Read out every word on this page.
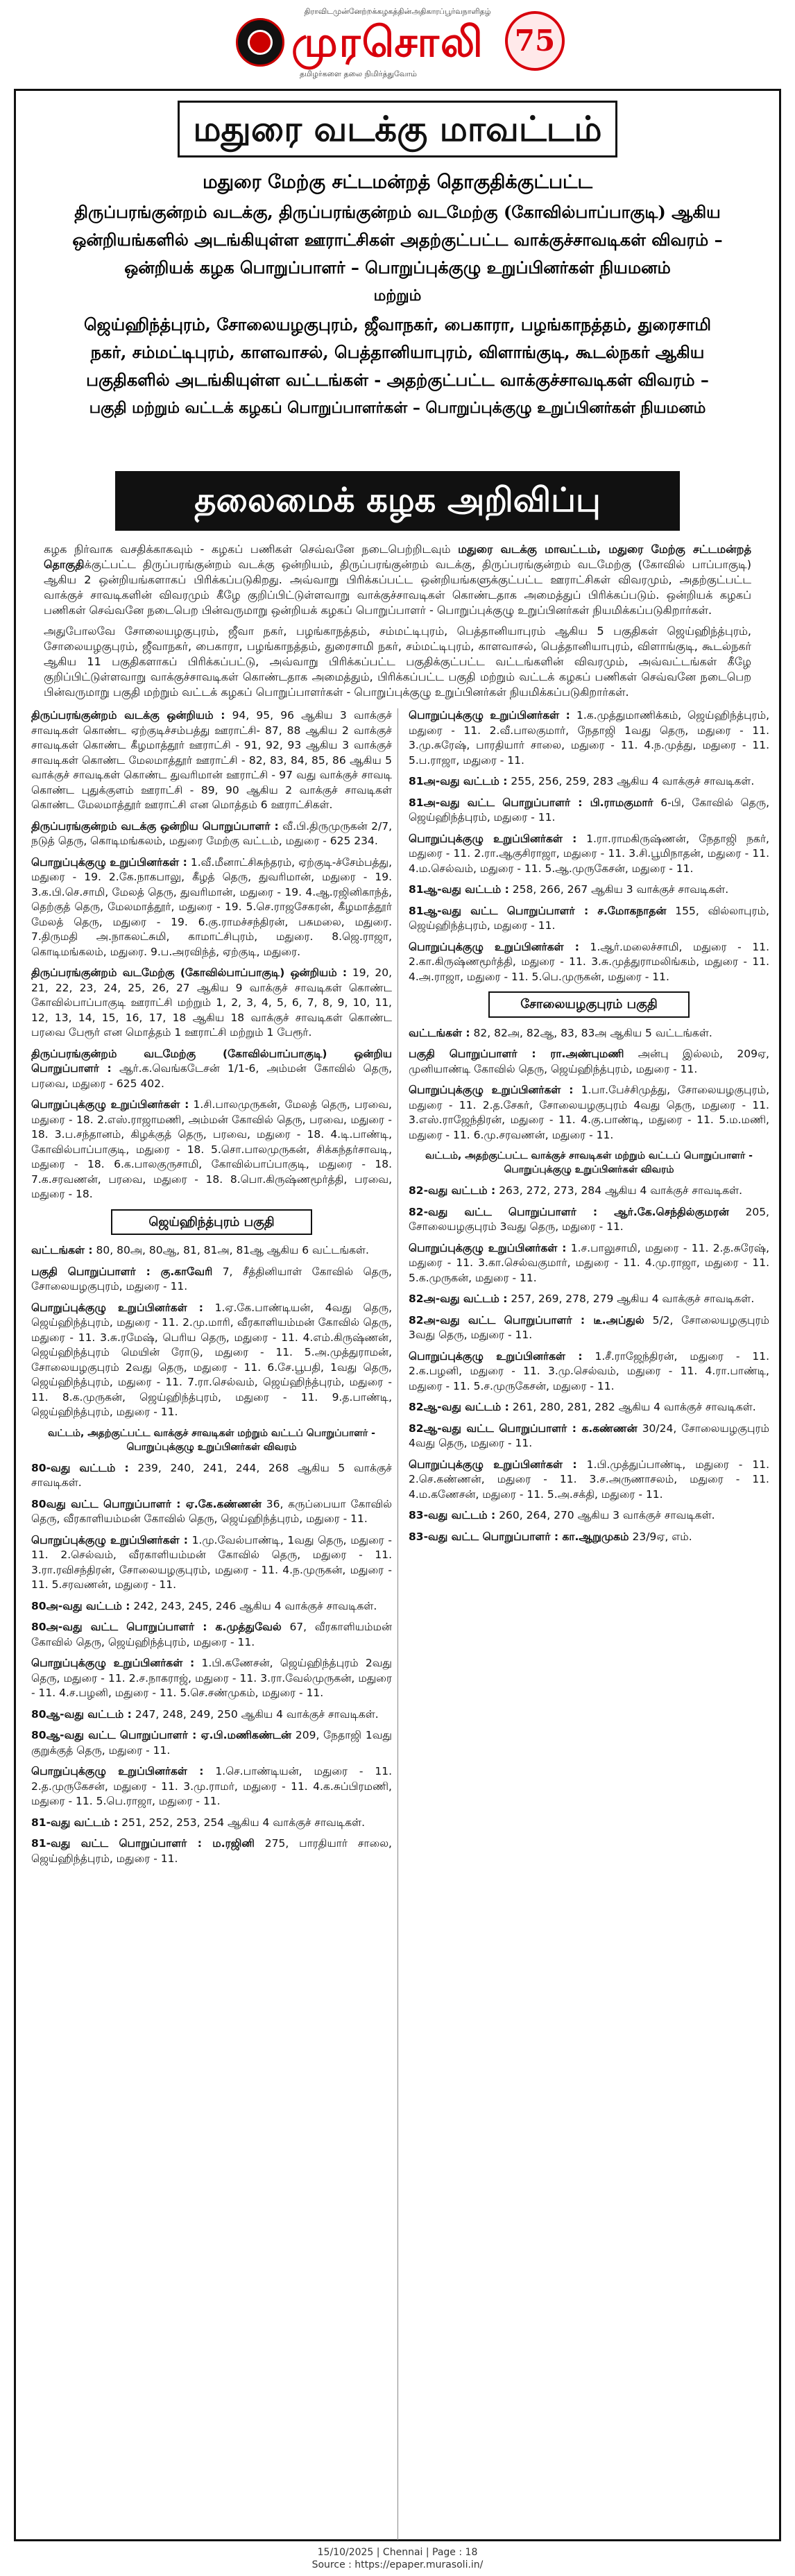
திராவிடமுன்னேற்றக்கழகத்தின்அதிகாரப்பூர்வநாளிதழ்
முரசொலி
தமிழர்களை தலை நிமிர்த்துவோம்
75
மதுரை வடக்கு மாவட்டம்
மதுரை மேற்கு சட்டமன்றத் தொகுதிக்குட்பட்ட
திருப்பரங்குன்றம் வடக்கு, திருப்பரங்குன்றம் வடமேற்கு (கோவில்பாப்பாகுடி) ஆகிய
ஒன்றியங்களில் அடங்கியுள்ள ஊராட்சிகள் அதற்குட்பட்ட வாக்குச்சாவடிகள் விவரம் –
ஒன்றியக் கழக பொறுப்பாளர் – பொறுப்புக்குழு உறுப்பினர்கள் நியமனம்
மற்றும்
ஜெய்ஹிந்த்புரம், சோலையழகுபுரம், ஜீவாநகர், பைகாரா, பழங்காநத்தம், துரைசாமி
நகர், சம்மட்டிபுரம், காளவாசல், பெத்தானியாபுரம், விளாங்குடி, கூடல்நகர் ஆகிய
பகுதிகளில் அடங்கியுள்ள வட்டங்கள் - அதற்குட்பட்ட வாக்குச்சாவடிகள் விவரம் –
பகுதி மற்றும் வட்டக் கழகப் பொறுப்பாளர்கள் – பொறுப்புக்குழு உறுப்பினர்கள் நியமனம்
தலைமைக் கழக அறிவிப்பு
கழக நிர்வாக வசதிக்காகவும் - கழகப் பணிகள் செவ்வனே நடைபெற்றிடவும் மதுரை வடக்கு மாவட்டம், மதுரை மேற்கு சட்டமன்றத் தொகுதிக்குட்பட்ட திருப்பரங்குன்றம் வடக்கு ஒன்றியம், திருப்பரங்குன்றம் வடக்கு, திருப்பரங்குன்றம் வடமேற்கு (கோவில் பாப்பாகுடி) ஆகிய 2 ஒன்றியங்களாகப் பிரிக்கப்படுகிறது. அவ்வாறு பிரிக்கப்பட்ட ஒன்றியங்களுக்குட்பட்ட ஊராட்சிகள் விவரமும், அதற்குட்பட்ட வாக்குச் சாவடிகளின் விவரமும் கீழே குறிப்பிட்டுள்ளவாறு வாக்குச்சாவடிகள் கொண்டதாக அமைத்துப் பிரிக்கப்படும். ஒன்றியக் கழகப் பணிகள் செவ்வனே நடைபெற பின்வருமாறு ஒன்றியக் கழகப் பொறுப்பாளர் - பொறுப்புக்குழு உறுப்பினர்கள் நியமிக்கப்படுகிறார்கள்.

திருப்பரங்குன்றம் வடக்கு ஒன்றியம் : 94, 95, 96 ஆகிய 3 வாக்குச் சாவடிகள் கொண்ட ஏற்குடிச்சம்பத்து ஊராட்சி- 87, 88 ஆகிய 2 வாக்குச் சாவடிகள் கொண்ட கீழமாத்தூர் ஊராட்சி - 91, 92, 93 ஆகிய 3 வாக்குச் சாவடிகள் கொண்ட மேலமாத்தூர் ஊராட்சி - 82, 83, 84, 85, 86 ஆகிய 5 வாக்குச் சாவடிகள் கொண்ட துவரிமான் ஊராட்சி - 97 வது வாக்குச் சாவடி கொண்ட புதுக்குளம் ஊராட்சி - 89, 90 ஆகிய 2 வாக்குச் சாவடிகள் கொண்ட மேலமாத்தூர் ஊராட்சி என மொத்தம் 6 ஊராட்சிகள்.

திருப்பரங்குன்றம் வடக்கு ஒன்றிய பொறுப்பாளர் : வீ.பி.திருமுருகன் 2/7, நடுத் தெரு, கொடிமங்கலம், மதுரை மேற்கு வட்டம், மதுரை - 625 234.

பொறுப்புக்குழு உறுப்பினர்கள் : 1.வீ.மீனாட்சிசுந்தரம், ஏற்குடி-ச்சேம்பத்து, மதுரை - 19. 2.கே.நாகபாலு, கீழத் தெரு, துவரிமான், மதுரை - 19. 3.க.பி.செ.சாமி, மேலத் தெரு, துவரிமான், மதுரை - 19. 4.ஆ.ரஜினிகாந்த், தெற்குத் தெரு, மேலமாத்தூர், மதுரை - 19. 5.செ.ராஜசேகரன், கீழமாத்தூர் மேலத் தெரு, மதுரை - 19. 6.கு.ராமச்சந்திரன், பசுமலை, மதுரை. 7.திருமதி அ.நாகலட்சுமி, காமாட்சிபுரம், மதுரை. 8.ஜெ.ராஜா, கொடிமங்கலம், மதுரை. 9.ப.அரவிந்த், ஏற்குடி, மதுரை.

திருப்பரங்குன்றம் வடமேற்கு (கோவில்பாப்பாகுடி) ஒன்றியம் : 19, 20, 21, 22, 23, 24, 25, 26, 27 ஆகிய 9 வாக்குச் சாவடிகள் கொண்ட கோவில்பாப்பாகுடி ஊராட்சி மற்றும் 1, 2, 3, 4, 5, 6, 7, 8, 9, 10, 11, 12, 13, 14, 15, 16, 17, 18 ஆகிய 18 வாக்குச் சாவடிகள் கொண்ட பரவை பேரூர் என மொத்தம் 1 ஊராட்சி மற்றும் 1 பேரூர்.

திருப்பரங்குன்றம் வடமேற்கு (கோவில்பாப்பாகுடி) ஒன்றிய பொறுப்பாளர் : ஆர்.க.வெங்கடேசன் 1/1-6, அம்மன் கோவில் தெரு, பரவை, மதுரை - 625 402.

பொறுப்புக்குழு உறுப்பினர்கள் : 1.சி.பாலமுருகன், மேலத் தெரு, பரவை, மதுரை - 18. 2.எஸ்.ராஜாமணி, அம்மன் கோவில் தெரு, பரவை, மதுரை - 18. 3.ப.சந்தானம், கிழக்குத் தெரு, பரவை, மதுரை - 18. 4.டி.பாண்டி, கோவில்பாப்பாகுடி, மதுரை - 18. 5.சொ.பாலமுருகன், சிக்கந்தர்சாவடி, மதுரை - 18. 6.க.பாலகுருசாமி, கோவில்பாப்பாகுடி, மதுரை - 18. 7.க.சரவணன், பரவை, மதுரை - 18. 8.பொ.கிருஷ்ணமூர்த்தி, பரவை, மதுரை - 18.

ஜெய்ஹிந்த்புரம் பகுதி

வட்டங்கள் : 80, 80அ, 80ஆ, 81, 81அ, 81ஆ ஆகிய 6 வட்டங்கள்.

பகுதி பொறுப்பாளர் : கு.காவேரி 7, சீத்தினியாள் கோவில் தெரு, சோலையழகுபுரம், மதுரை - 11.

பொறுப்புக்குழு உறுப்பினர்கள் : 1.ஏ.கே.பாண்டியன், 4வது தெரு, ஜெய்ஹிந்த்புரம், மதுரை - 11. 2.மு.மாரி, வீரகாளியம்மன் கோவில் தெரு, மதுரை - 11. 3.சு.ரமேஷ், பெரிய தெரு, மதுரை - 11. 4.எம்.கிருஷ்ணன், ஜெய்ஹிந்த்புரம் மெயின் ரோடு, மதுரை - 11. 5.அ.முத்துராமன், சோலையழகுபுரம் 2வது தெரு, மதுரை - 11. 6.சே.பூபதி, 1வது தெரு, ஜெய்ஹிந்த்புரம், மதுரை - 11. 7.ரா.செல்வம், ஜெய்ஹிந்த்புரம், மதுரை - 11. 8.க.முருகன், ஜெய்ஹிந்த்புரம், மதுரை - 11. 9.த.பாண்டி, ஜெய்ஹிந்த்புரம், மதுரை - 11.

வட்டம், அதற்குட்பட்ட வாக்குச் சாவடிகள் மற்றும் வட்டப் பொறுப்பாளர் - பொறுப்புக்குழு உறுப்பினர்கள் விவரம்

80-வது வட்டம் : 239, 240, 241, 244, 268 ஆகிய 5 வாக்குச் சாவடிகள்.

80வது வட்ட பொறுப்பாளர் : ஏ.கே.கண்ணன் 36, கருப்பையா கோவில் தெரு, வீரகாளியம்மன் கோவில் தெரு, ஜெய்ஹிந்த்புரம், மதுரை - 11.

பொறுப்புக்குழு உறுப்பினர்கள் : 1.மு.வேல்பாண்டி, 1வது தெரு, மதுரை - 11. 2.செல்வம், வீரகாளியம்மன் கோவில் தெரு, மதுரை - 11. 3.ரா.ரவிசந்திரன், சோலையழகுபுரம், மதுரை - 11. 4.ந.முருகன், மதுரை - 11. 5.சரவணன், மதுரை - 11.

80அ-வது வட்டம் : 242, 243, 245, 246 ஆகிய 4 வாக்குச் சாவடிகள்.

80அ-வது வட்ட பொறுப்பாளர் : க.முத்துவேல் 67, வீரகாளியம்மன் கோவில் தெரு, ஜெய்ஹிந்த்புரம், மதுரை - 11.

பொறுப்புக்குழு உறுப்பினர்கள் : 1.பி.கணேசன், ஜெய்ஹிந்த்புரம் 2வது தெரு, மதுரை - 11. 2.ச.நாகராஜ், மதுரை - 11. 3.ரா.வேல்முருகன், மதுரை - 11. 4.ச.பழனி, மதுரை - 11. 5.செ.சண்முகம், மதுரை - 11.

80ஆ-வது வட்டம் : 247, 248, 249, 250 ஆகிய 4 வாக்குச் சாவடிகள்.

80ஆ-வது வட்ட பொறுப்பாளர் : ஏ.பி.மணிகண்டன் 209, நேதாஜி 1வது குறுக்குத் தெரு, மதுரை - 11.

பொறுப்புக்குழு உறுப்பினர்கள் : 1.செ.பாண்டியன், மதுரை - 11. 2.த.முருகேசன், மதுரை - 11. 3.மு.ராமர், மதுரை - 11. 4.க.சுப்பிரமணி, மதுரை - 11. 5.பெ.ராஜா, மதுரை - 11.

81-வது வட்டம் : 251, 252, 253, 254 ஆகிய 4 வாக்குச் சாவடிகள்.

81-வது வட்ட பொறுப்பாளர் : ம.ரஜினி 275, பாரதியார் சாலை, ஜெய்ஹிந்த்புரம், மதுரை - 11.

பொறுப்புக்குழு உறுப்பினர்கள் : 1.க.முத்துமாணிக்கம், ஜெய்ஹிந்த்புரம், மதுரை - 11. 2.வீ.பாலகுமார், நேதாஜி 1வது தெரு, மதுரை - 11. 3.மு.சுரேஷ், பாரதியார் சாலை, மதுரை - 11. 4.ந.முத்து, மதுரை - 11. 5.ப.ராஜா, மதுரை - 11.

81அ-வது வட்டம் : 255, 256, 259, 283 ஆகிய 4 வாக்குச் சாவடிகள்.

81அ-வது வட்ட பொறுப்பாளர் : பி.ராமகுமார் 6-பி, கோவில் தெரு, ஜெய்ஹிந்த்புரம், மதுரை - 11.

பொறுப்புக்குழு உறுப்பினர்கள் : 1.ரா.ராமகிருஷ்ணன், நேதாஜி நகர், மதுரை - 11. 2.ரா.ஆகுசிராஜா, மதுரை - 11. 3.சி.பூமிநாதன், மதுரை - 11. 4.ம.செல்வம், மதுரை - 11. 5.ஆ.முருகேசன், மதுரை - 11.

81ஆ-வது வட்டம் : 258, 266, 267 ஆகிய 3 வாக்குச் சாவடிகள்.

81ஆ-வது வட்ட பொறுப்பாளர் : ச.மோகநாதன் 155, வில்லாபுரம், ஜெய்ஹிந்த்புரம், மதுரை - 11.

பொறுப்புக்குழு உறுப்பினர்கள் : 1.ஆர்.மலைச்சாமி, மதுரை - 11. 2.கா.கிருஷ்ணமூர்த்தி, மதுரை - 11. 3.சு.முத்துராமலிங்கம், மதுரை - 11. 4.அ.ராஜா, மதுரை - 11. 5.பெ.முருகன், மதுரை - 11.

சோலையழகுபுரம் பகுதி

வட்டங்கள் : 82, 82அ, 82ஆ, 83, 83அ ஆகிய 5 வட்டங்கள்.

பகுதி பொறுப்பாளர் : ரா.அண்புமணி அன்பு இல்லம், 209ஏ, முனியாண்டி கோவில் தெரு, ஜெய்ஹிந்த்புரம், மதுரை - 11.

பொறுப்புக்குழு உறுப்பினர்கள் : 1.பா.பேச்சிமுத்து, சோலையழகுபுரம், மதுரை - 11. 2.த.சேகர், சோலையழகுபுரம் 4வது தெரு, மதுரை - 11. 3.எஸ்.ராஜேந்திரன், மதுரை - 11. 4.கு.பாண்டி, மதுரை - 11. 5.ம.மணி, மதுரை - 11. 6.மு.சரவணன், மதுரை - 11.

வட்டம், அதற்குட்பட்ட வாக்குச் சாவடிகள் மற்றும் வட்டப் பொறுப்பாளர் - பொறுப்புக்குழு உறுப்பினர்கள் விவரம்

82-வது வட்டம் : 263, 272, 273, 284 ஆகிய 4 வாக்குச் சாவடிகள்.

82-வது வட்ட பொறுப்பாளர் : ஆர்.கே.செந்தில்குமரன் 205, சோலையழகுபுரம் 3வது தெரு, மதுரை - 11.

பொறுப்புக்குழு உறுப்பினர்கள் : 1.ச.பாலுசாமி, மதுரை - 11. 2.த.சுரேஷ், மதுரை - 11. 3.கா.செல்வகுமார், மதுரை - 11. 4.மு.ராஜா, மதுரை - 11. 5.க.முருகன், மதுரை - 11.

82அ-வது வட்டம் : 257, 269, 278, 279 ஆகிய 4 வாக்குச் சாவடிகள்.

82அ-வது வட்ட பொறுப்பாளர் : டீ.அப்துல் 5/2, சோலையழகுபுரம் 3வது தெரு, மதுரை - 11.

பொறுப்புக்குழு உறுப்பினர்கள் : 1.சீ.ராஜேந்திரன், மதுரை - 11. 2.க.பழனி, மதுரை - 11. 3.மு.செல்வம், மதுரை - 11. 4.ரா.பாண்டி, மதுரை - 11. 5.ச.முருகேசன், மதுரை - 11.

82ஆ-வது வட்டம் : 261, 280, 281, 282 ஆகிய 4 வாக்குச் சாவடிகள்.

82ஆ-வது வட்ட பொறுப்பாளர் : க.கண்ணன் 30/24, சோலையழகுபுரம் 4வது தெரு, மதுரை - 11.

பொறுப்புக்குழு உறுப்பினர்கள் : 1.பி.முத்துப்பாண்டி, மதுரை - 11. 2.செ.கண்ணன், மதுரை - 11. 3.ச.அருணாசலம், மதுரை - 11. 4.ம.கணேசன், மதுரை - 11. 5.அ.சக்தி, மதுரை - 11.

83-வது வட்டம் : 260, 264, 270 ஆகிய 3 வாக்குச் சாவடிகள்.

83-வது வட்ட பொறுப்பாளர் : கா.ஆறுமுகம் 23/9ஏ, எம்.

அதுபோலவே சோலையழகுபுரம், ஜீவா நகர், பழங்காநத்தம், சம்மட்டிபுரம், பெத்தானியாபுரம் ஆகிய 5 பகுதிகள் ஜெய்ஹிந்த்புரம், சோலையழகுபுரம், ஜீவாநகர், பைகாரா, பழங்காநத்தம், துரைசாமி நகர், சம்மட்டிபுரம், காளவாசல், பெத்தானியாபுரம், விளாங்குடி, கூடல்நகர் ஆகிய 11 பகுதிகளாகப் பிரிக்கப்பட்டு, அவ்வாறு பிரிக்கப்பட்ட பகுதிக்குட்பட்ட வட்டங்களின் விவரமும், அவ்வட்டங்கள் கீழே குறிப்பிட்டுள்ளவாறு வாக்குச்சாவடிகள் கொண்டதாக அமைத்தும், பிரிக்கப்பட்ட பகுதி மற்றும் வட்டக் கழகப் பணிகள் செவ்வனே நடைபெற பின்வருமாறு பகுதி மற்றும் வட்டக் கழகப் பொறுப்பாளர்கள் - பொறுப்புக்குழு உறுப்பினர்கள் நியமிக்கப்படுகிறார்கள்.
15/10/2025 | Chennai | Page : 18
Source : https://epaper.murasoli.in/
